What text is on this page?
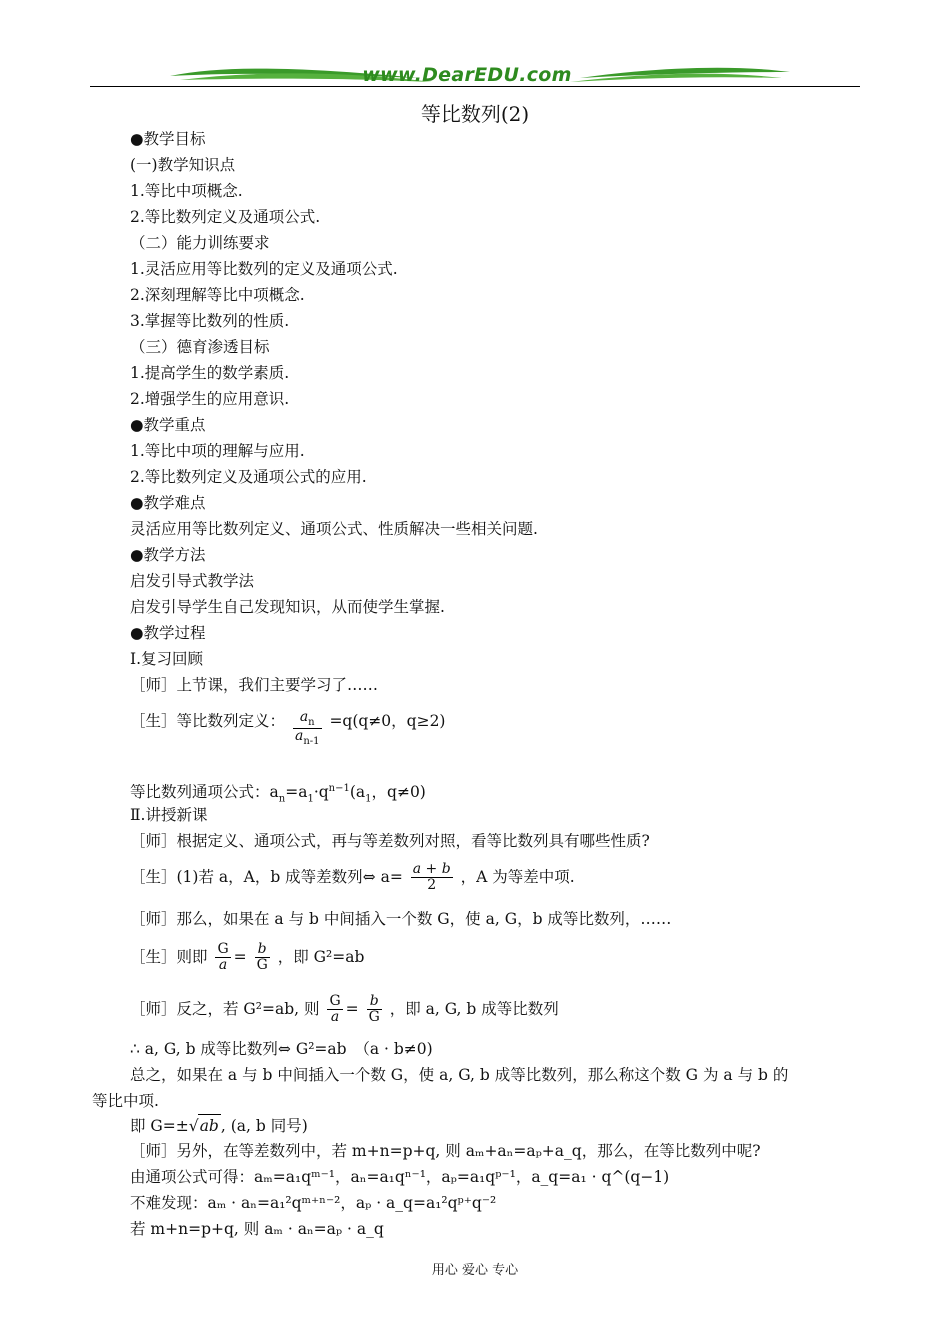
www.DearEDU.com
等比数列(2)
●教学目标
(一)教学知识点
1.等比中项概念.
2.等比数列定义及通项公式.
（二）能力训练要求
1.灵活应用等比数列的定义及通项公式.
2.深刻理解等比中项概念.
3.掌握等比数列的性质.
（三）德育渗透目标
1.提高学生的数学素质.
2.增强学生的应用意识.
●教学重点
1.等比中项的理解与应用.
2.等比数列定义及通项公式的应用.
●教学难点
灵活应用等比数列定义、通项公式、性质解决一些相关问题.
●教学方法
启发引导式教学法
启发引导学生自己发现知识，从而使学生掌握.
●教学过程
Ⅰ.复习回顾
［师］上节课，我们主要学习了……
［生］等比数列定义： $\frac{a_n}{a_{n-1}} =q(q\ne 0$，q≥2)
等比数列通项公式：$a_n=a_1\cdot q^{n-1}(a_1$，q≠0)
Ⅱ.讲授新课
［师］根据定义、通项公式，再与等差数列对照，看等比数列具有哪些性质?
［生］(1)若 a，A，b 成等差数列⇔ $a= \frac{a + b}{2}$ ，A 为等差中项.
［师］那么，如果在 a 与 b 中间插入一个数 G，使 a, G，b 成等比数列，……
［生］则即 $\frac{G}{a} = \frac{b}{G}$ ，即 G²=ab
［师］反之，若 G²=ab, 则 $\frac{G}{a} = \frac{b}{G}$ ，即 a, G, b 成等比数列
∴ a, G, b 成等比数列⇔ G²=ab　（a · b≠0)
总之，如果在 a 与 b 中间插入一个数 G，使 a, G, b 成等比数列，那么称这个数 G 为 a 与 b 的
等比中项.
即 G=±√ab , (a, b 同号)
［师］另外，在等差数列中，若 m+n=p+q, 则 aₘ+aₙ=aₚ+a_q，那么，在等比数列中呢?
由通项公式可得：aₘ=a₁qᵐ⁻¹，aₙ=a₁qⁿ⁻¹，aₚ=a₁qᵖ⁻¹，a_q=a₁ · q^(q−1)
不难发现：aₘ · aₙ=a₁²qᵐ⁺ⁿ⁻²，aₚ · a_q=a₁²qᵖ⁺q⁻²
若 m+n=p+q, 则 aₘ · aₙ=aₚ · a_q
用心 爱心 专心
